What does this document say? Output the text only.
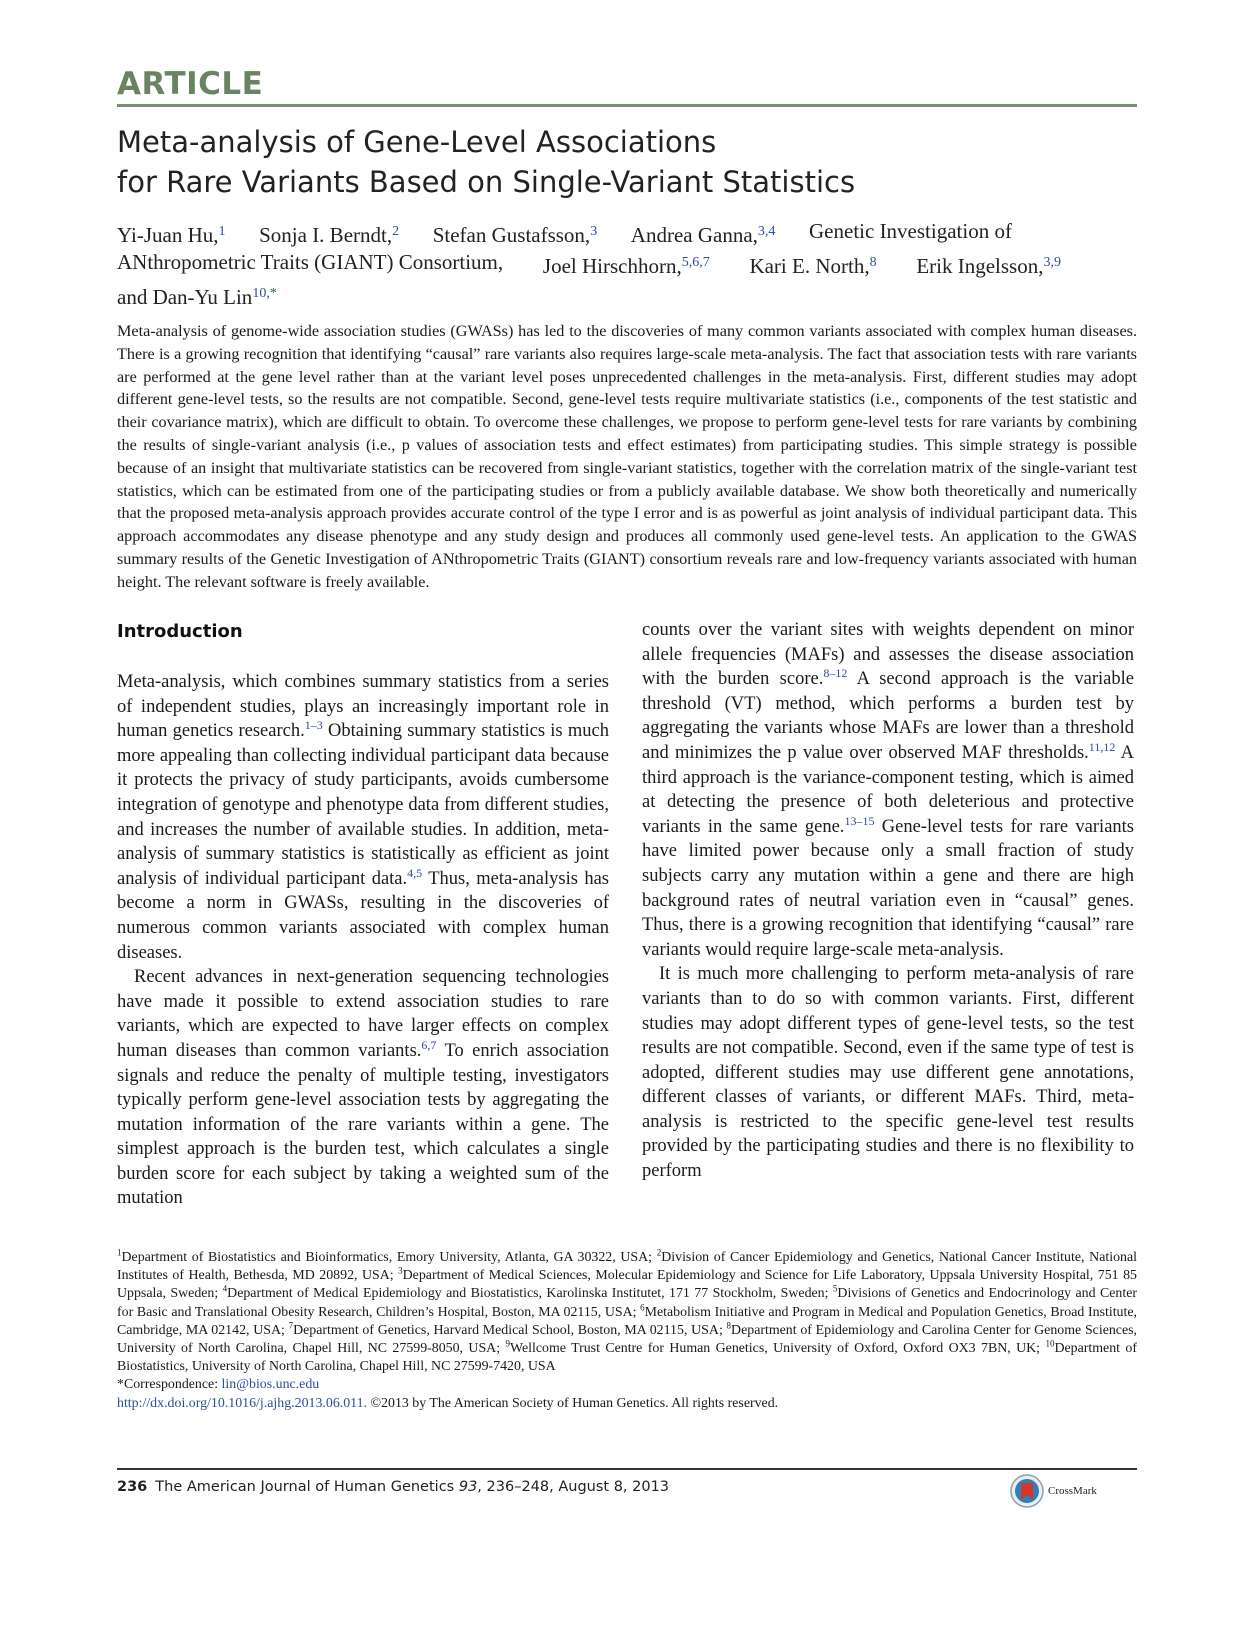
ARTICLE
Meta-analysis of Gene-Level Associations
for Rare Variants Based on Single-Variant Statistics
Yi-Juan Hu,$^1$ Sonja I. Berndt,$^2$ Stefan Gustafsson,$^3$ Andrea Ganna,$^{3,4}$ Genetic Investigation of
ANthropometric Traits (GIANT) Consortium, Joel Hirschhorn,$^{5,6,7}$ Kari E. North,$^8$ Erik Ingelsson,$^{3,9}$
and Dan-Yu Lin$^{10,*}$
Meta-analysis of genome-wide association studies (GWASs) has led to the discoveries of many common variants associated with complex human diseases. There is a growing recognition that identifying “causal” rare variants also requires large-scale meta-analysis. The fact that association tests with rare variants are performed at the gene level rather than at the variant level poses unprecedented challenges in the meta-analysis. First, different studies may adopt different gene-level tests, so the results are not compatible. Second, gene-level tests require multivariate statistics (i.e., components of the test statistic and their covariance matrix), which are difficult to obtain. To overcome these challenges, we propose to perform gene-level tests for rare variants by combining the results of single-variant analysis (i.e., p values of association tests and effect estimates) from participating studies. This simple strategy is possible because of an insight that multivariate statistics can be recovered from single-variant statistics, together with the correlation matrix of the single-variant test statistics, which can be estimated from one of the participating studies or from a publicly available database. We show both theoretically and numerically that the proposed meta-analysis approach provides accurate control of the type I error and is as powerful as joint analysis of individual participant data. This approach accommodates any disease phenotype and any study design and produces all commonly used gene-level tests. An application to the GWAS summary results of the Genetic Investigation of ANthropometric Traits (GIANT) consortium reveals rare and low-frequency variants associated with human height. The relevant software is freely available.
Introduction

Meta-analysis, which combines summary statistics from a series of independent studies, plays an increasingly important role in human genetics research.$^{1-3}$ Obtaining summary statistics is much more appealing than collecting individual participant data because it protects the privacy of study participants, avoids cumbersome integration of genotype and phenotype data from different studies, and increases the number of available studies. In addition, meta-analysis of summary statistics is statistically as efficient as joint analysis of individual participant data.$^{4,5}$ Thus, meta-analysis has become a norm in GWASs, resulting in the discoveries of numerous common variants associated with complex human diseases.

Recent advances in next-generation sequencing technologies have made it possible to extend association studies to rare variants, which are expected to have larger effects on complex human diseases than common variants.$^{6,7}$ To enrich association signals and reduce the penalty of multiple testing, investigators typically perform gene-level association tests by aggregating the mutation information of the rare variants within a gene. The simplest approach is the burden test, which calculates a single burden score for each subject by taking a weighted sum of the mutation

counts over the variant sites with weights dependent on minor allele frequencies (MAFs) and assesses the disease association with the burden score.$^{8-12}$ A second approach is the variable threshold (VT) method, which performs a burden test by aggregating the variants whose MAFs are lower than a threshold and minimizes the p value over observed MAF thresholds.$^{11,12}$ A third approach is the variance-component testing, which is aimed at detecting the presence of both deleterious and protective variants in the same gene.$^{13-15}$ Gene-level tests for rare variants have limited power because only a small fraction of study subjects carry any mutation within a gene and there are high background rates of neutral variation even in “causal” genes. Thus, there is a growing recognition that identifying “causal” rare variants would require large-scale meta-analysis.

It is much more challenging to perform meta-analysis of rare variants than to do so with common variants. First, different studies may adopt different types of gene-level tests, so the test results are not compatible. Second, even if the same type of test is adopted, different studies may use different gene annotations, different classes of variants, or different MAFs. Third, meta-analysis is restricted to the specific gene-level test results provided by the participating studies and there is no flexibility to perform

$^1$Department of Biostatistics and Bioinformatics, Emory University, Atlanta, GA 30322, USA; $^2$Division of Cancer Epidemiology and Genetics, National Cancer Institute, National Institutes of Health, Bethesda, MD 20892, USA; $^3$Department of Medical Sciences, Molecular Epidemiology and Science for Life Laboratory, Uppsala University Hospital, 751 85 Uppsala, Sweden; $^4$Department of Medical Epidemiology and Biostatistics, Karolinska Institutet, 171 77 Stockholm, Sweden; $^5$Divisions of Genetics and Endocrinology and Center for Basic and Translational Obesity Research, Children’s Hospital, Boston, MA 02115, USA; $^6$Metabolism Initiative and Program in Medical and Population Genetics, Broad Institute, Cambridge, MA 02142, USA; $^7$Department of Genetics, Harvard Medical School, Boston, MA 02115, USA; $^8$Department of Epidemiology and Carolina Center for Genome Sciences, University of North Carolina, Chapel Hill, NC 27599-8050, USA; $^9$Wellcome Trust Centre for Human Genetics, University of Oxford, Oxford OX3 7BN, UK; $^{10}$Department of Biostatistics, University of North Carolina, Chapel Hill, NC 27599-7420, USA
*Correspondence: lin@bios.unc.edu
http://dx.doi.org/10.1016/j.ajhg.2013.06.011. ©2013 by The American Society of Human Genetics. All rights reserved.
236 The American Journal of Human Genetics 93, 236–248, August 8, 2013	CrossMark
